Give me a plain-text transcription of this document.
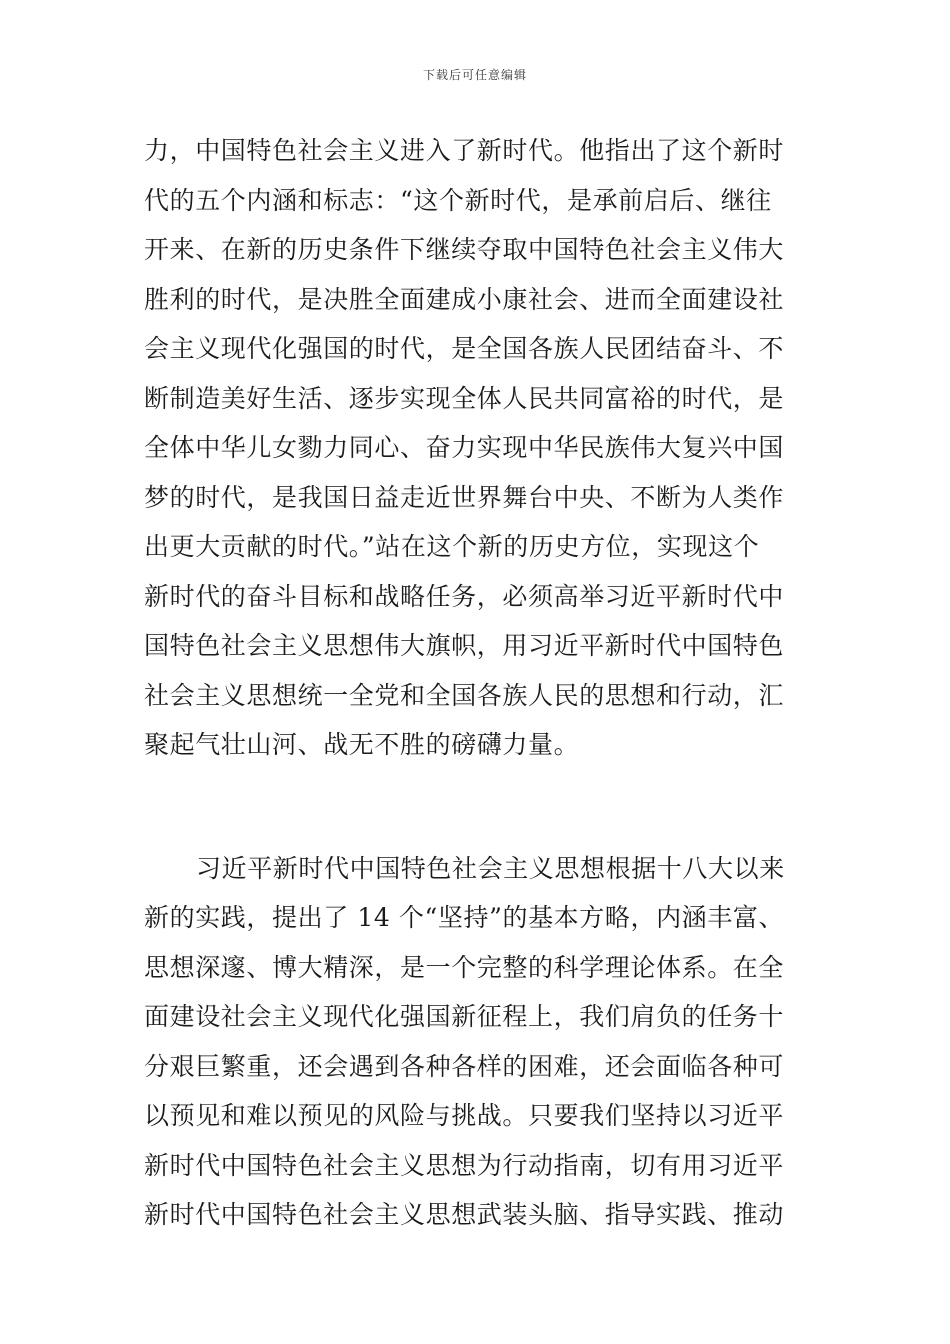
下载后可任意编辑
力，中国特色社会主义进入了新时代。他指出了这个新时
代的五个内涵和标志：“这个新时代，是承前启后、继往
开来、在新的历史条件下继续夺取中国特色社会主义伟大
胜利的时代，是决胜全面建成小康社会、进而全面建设社
会主义现代化强国的时代，是全国各族人民团结奋斗、不
断制造美好生活、逐步实现全体人民共同富裕的时代，是
全体中华儿女勠力同心、奋力实现中华民族伟大复兴中国
梦的时代，是我国日益走近世界舞台中央、不断为人类作
出更大贡献的时代。”站在这个新的历史方位，实现这个
新时代的奋斗目标和战略任务，必须高举习近平新时代中
国特色社会主义思想伟大旗帜，用习近平新时代中国特色
社会主义思想统一全党和全国各族人民的思想和行动，汇
聚起气壮山河、战无不胜的磅礴力量。
习近平新时代中国特色社会主义思想根据十八大以来
新的实践，提出了 14 个“坚持”的基本方略，内涵丰富、
思想深邃、博大精深，是一个完整的科学理论体系。在全
面建设社会主义现代化强国新征程上，我们肩负的任务十
分艰巨繁重，还会遇到各种各样的困难，还会面临各种可
以预见和难以预见的风险与挑战。只要我们坚持以习近平
新时代中国特色社会主义思想为行动指南，切有用习近平
新时代中国特色社会主义思想武装头脑、指导实践、推动
